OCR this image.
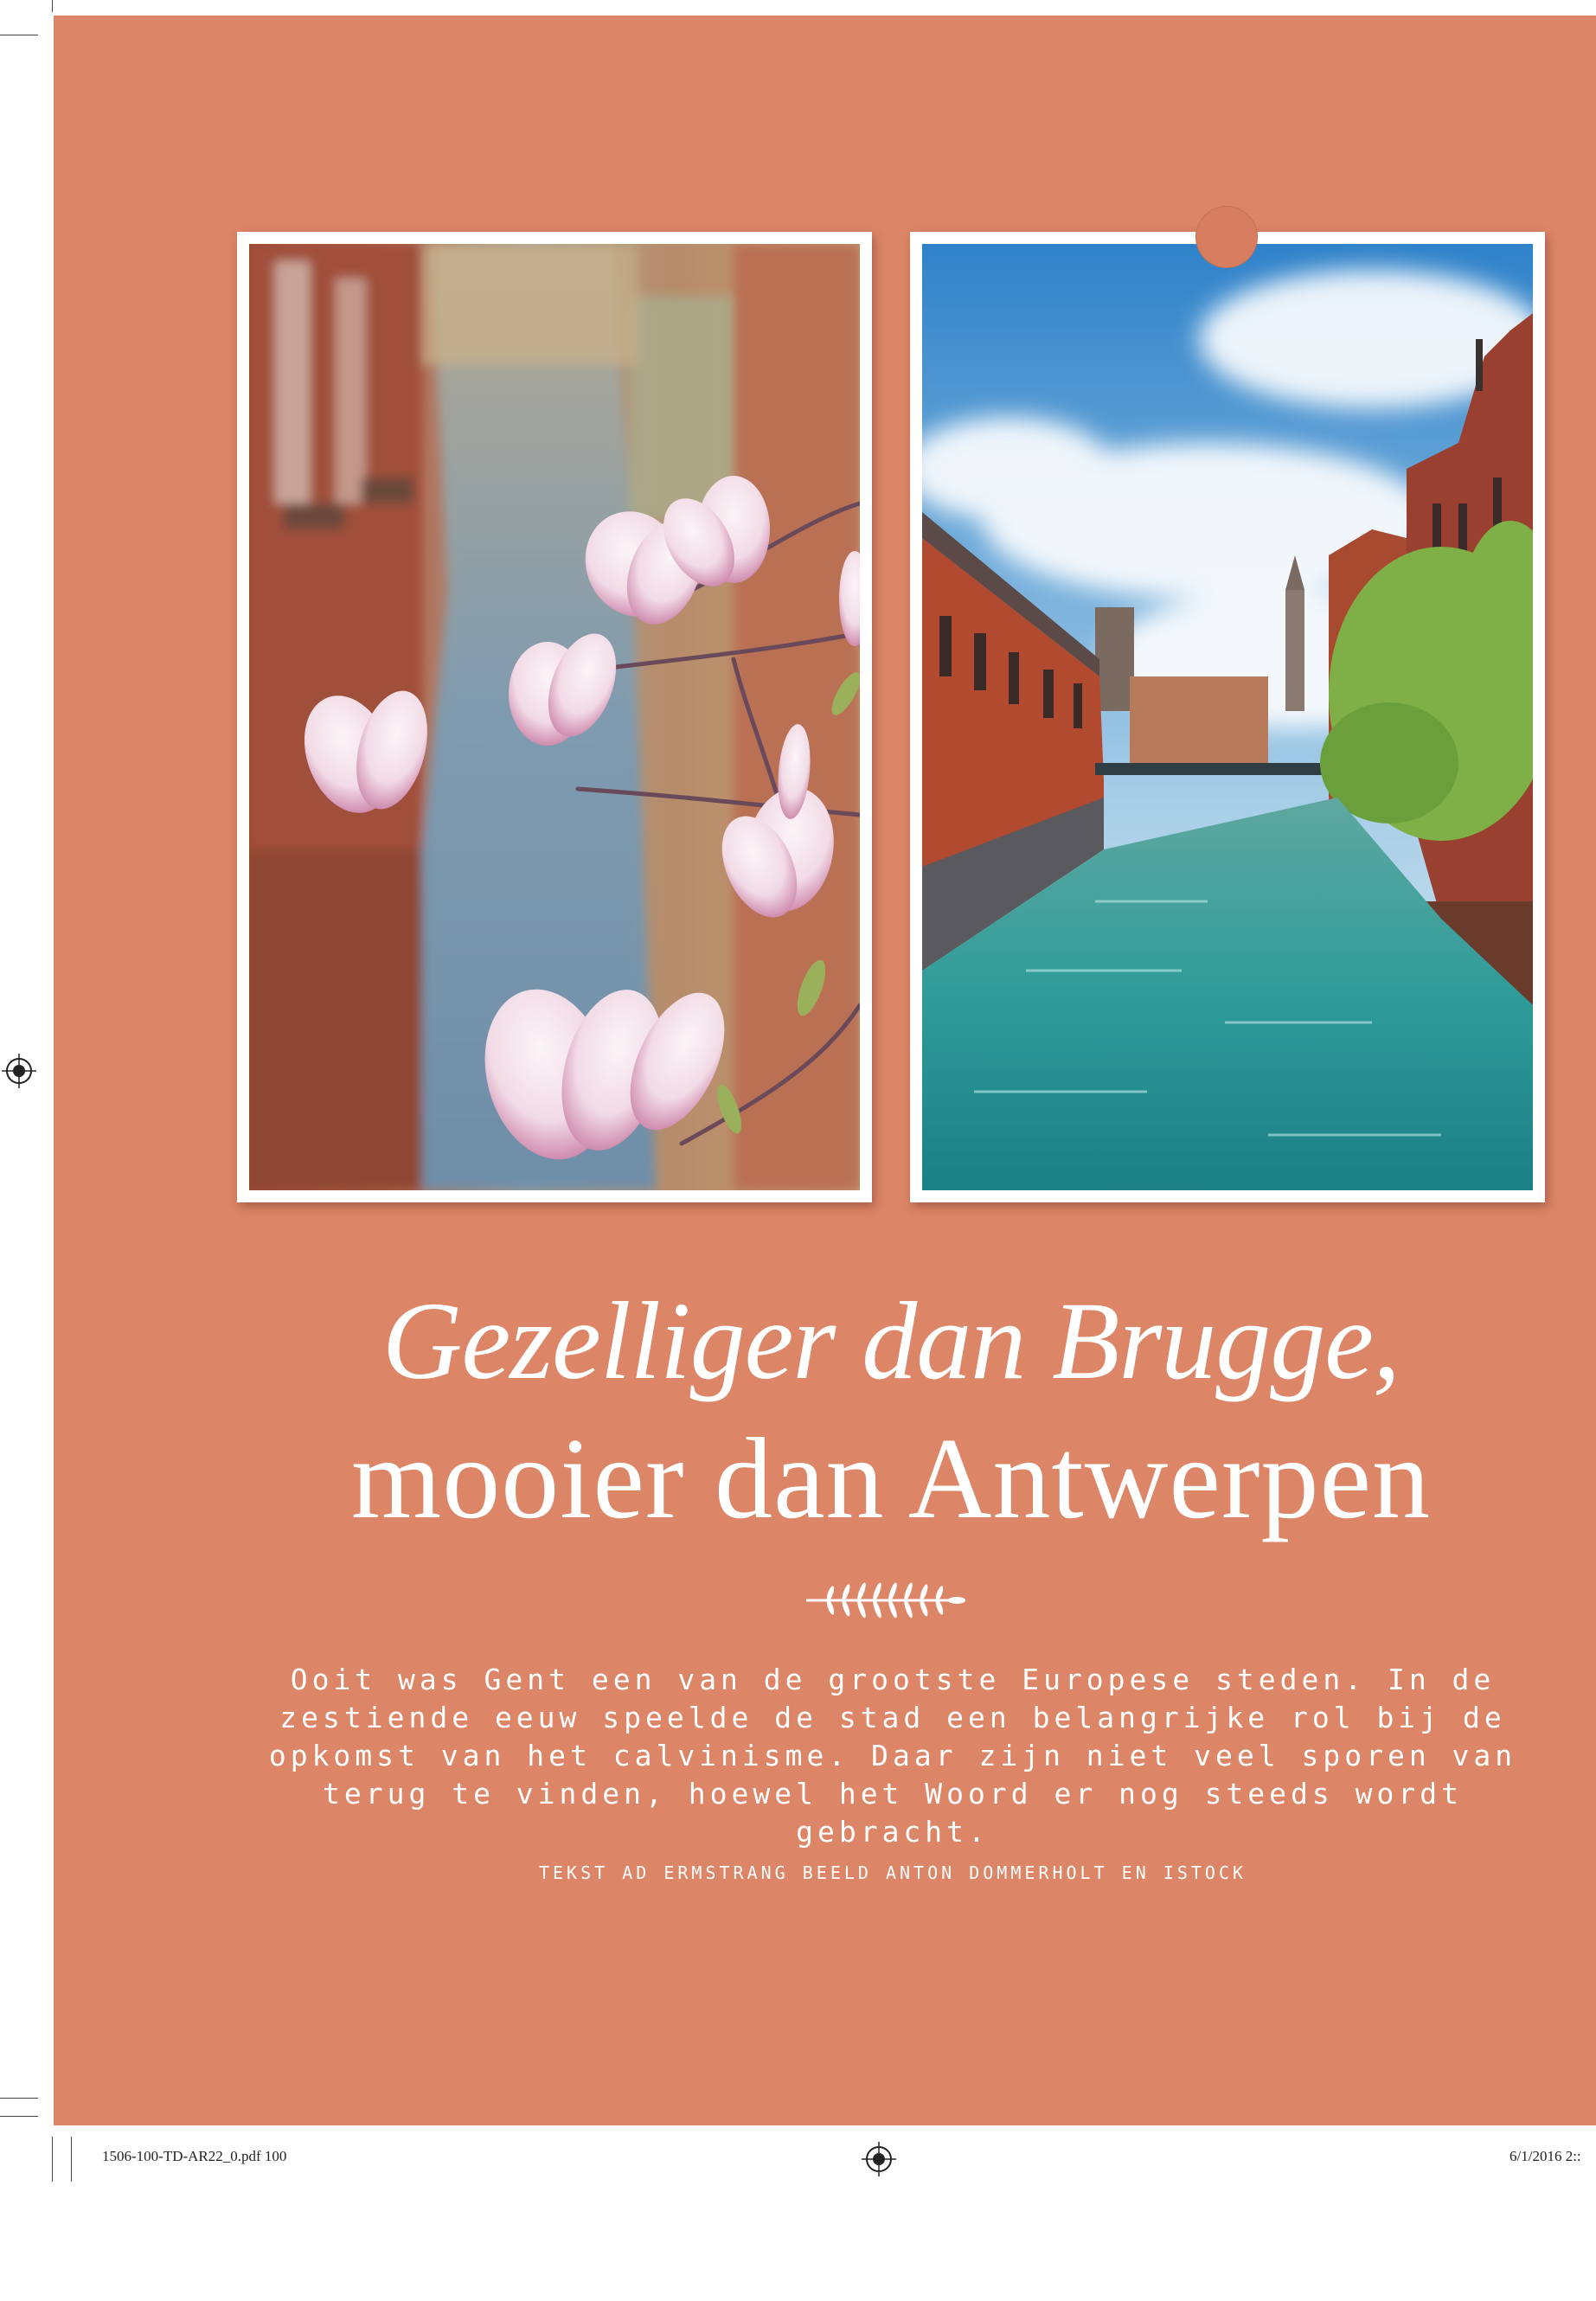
Gezelliger dan Brugge,
mooier dan Antwerpen

Ooit was Gent een van de grootste Europese steden. In de zestiende eeuw speelde de stad een belangrijke rol bij de opkomst van het calvinisme. Daar zijn niet veel sporen van terug te vinden, hoewel het Woord er nog steeds wordt gebracht.

TEKST AD ERMSTRANG BEELD ANTON DOMMERHOLT EN ISTOCK

1506-100-TD-AR22_0.pdf 100	6/1/2016 2::
